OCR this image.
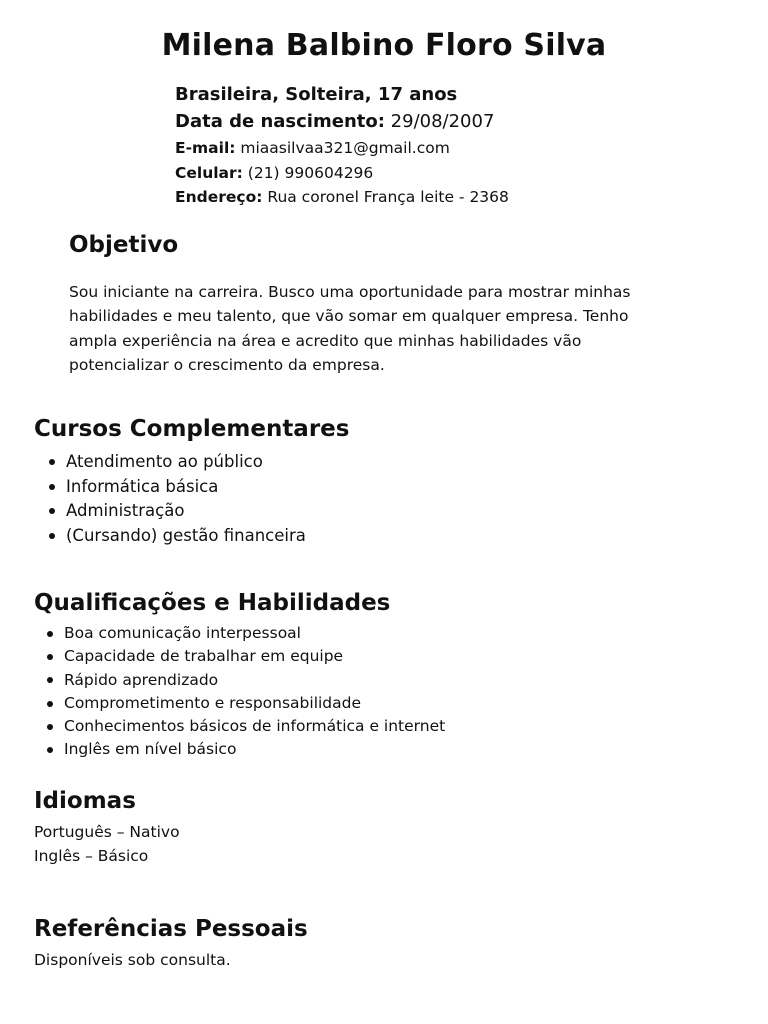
Milena Balbino Floro Silva
Brasileira, Solteira, 17 anos
Data de nascimento: 29/08/2007
E-mail: miaasilvaa321@gmail.com
Celular: (21) 990604296
Endereço: Rua coronel França leite - 2368
Objetivo
Sou iniciante na carreira. Busco uma oportunidade para mostrar minhas habilidades e meu talento, que vão somar em qualquer empresa. Tenho ampla experiência na área e acredito que minhas habilidades vão potencializar o crescimento da empresa.
Cursos Complementares
Atendimento ao público
Informática básica
Administração
(Cursando) gestão financeira
Qualificações e Habilidades
Boa comunicação interpessoal
Capacidade de trabalhar em equipe
Rápido aprendizado
Comprometimento e responsabilidade
Conhecimentos básicos de informática e internet
Inglês em nível básico
Idiomas
Português – Nativo
Inglês – Básico
Referências Pessoais
Disponíveis sob consulta.
